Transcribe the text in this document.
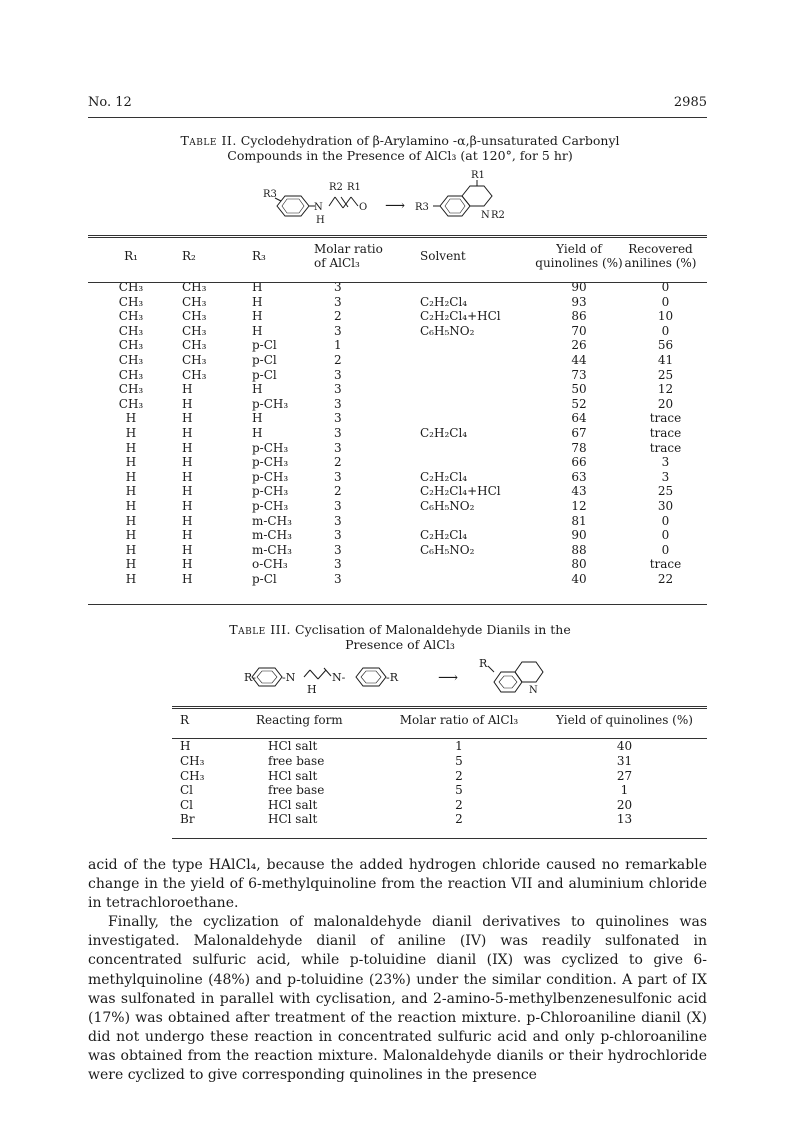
No. 12	2985
Table II. Cyclodehydration of β-Arylamino -α,β-unsaturated Carbonyl
Compounds in the Presence of AlCl₃ (at 120°, for 5 hr)
R3
N
H
R2 R1
O ⟶ R3
R1
N R2
R₁	R₂	R₃	Molar ratio of AlCl₃	Solvent	Yield of quinolines (%)	Recovered anilines (%)
CH₃	CH₃	H	3		90	0
CH₃	CH₃	H	3	C₂H₂Cl₄	93	0
CH₃	CH₃	H	2	C₂H₂Cl₄+HCl	86	10
CH₃	CH₃	H	3	C₆H₅NO₂	70	0
CH₃	CH₃	p-Cl	1		26	56
CH₃	CH₃	p-Cl	2		44	41
CH₃	CH₃	p-Cl	3		73	25
CH₃	H	H	3		50	12
CH₃	H	p-CH₃	3		52	20
H	H	H	3		64	trace
H	H	H	3	C₂H₂Cl₄	67	trace
H	H	p-CH₃	3		78	trace
H	H	p-CH₃	2		66	3
H	H	p-CH₃	3	C₂H₂Cl₄	63	3
H	H	p-CH₃	2	C₂H₂Cl₄+HCl	43	25
H	H	p-CH₃	3	C₆H₅NO₂	12	30
H	H	m-CH₃	3		81	0
H	H	m-CH₃	3	C₂H₂Cl₄	90	0
H	H	m-CH₃	3	C₆H₅NO₂	88	0
H	H	o-CH₃	3		80	trace
H	H	p-Cl	3		40	22
Table III. Cyclisation of Malonaldehyde Dianils in the
Presence of AlCl₃
R- -N
H
N-	-R	⟶
R
N
R	Reacting form	Molar ratio of AlCl₃	Yield of quinolines (%)
H	HCl salt	1	40
CH₃	free base	5	31
CH₃	HCl salt	2	27
Cl	free base	5	1
Cl	HCl salt	2	20
Br	HCl salt	2	13

acid of the type HAlCl₄, because the added hydrogen chloride caused no remarkable change in the yield of 6-methylquinoline from the reaction VII and aluminium chloride in tetrachloroethane.

Finally, the cyclization of malonaldehyde dianil derivatives to quinolines was investigated. Malonaldehyde dianil of aniline (IV) was readily sulfonated in concentrated sulfuric acid, while p-toluidine dianil (IX) was cyclized to give 6-methylquinoline (48%) and p-toluidine (23%) under the similar condition. A part of IX was sulfonated in parallel with cyclisation, and 2-amino-5-methylbenzenesulfonic acid (17%) was obtained after treatment of the reaction mixture. p-Chloroaniline dianil (X) did not undergo these reaction in concentrated sulfuric acid and only p-chloroaniline was obtained from the reaction mixture. Malonaldehyde dianils or their hydrochloride were cyclized to give corresponding quinolines in the presence
